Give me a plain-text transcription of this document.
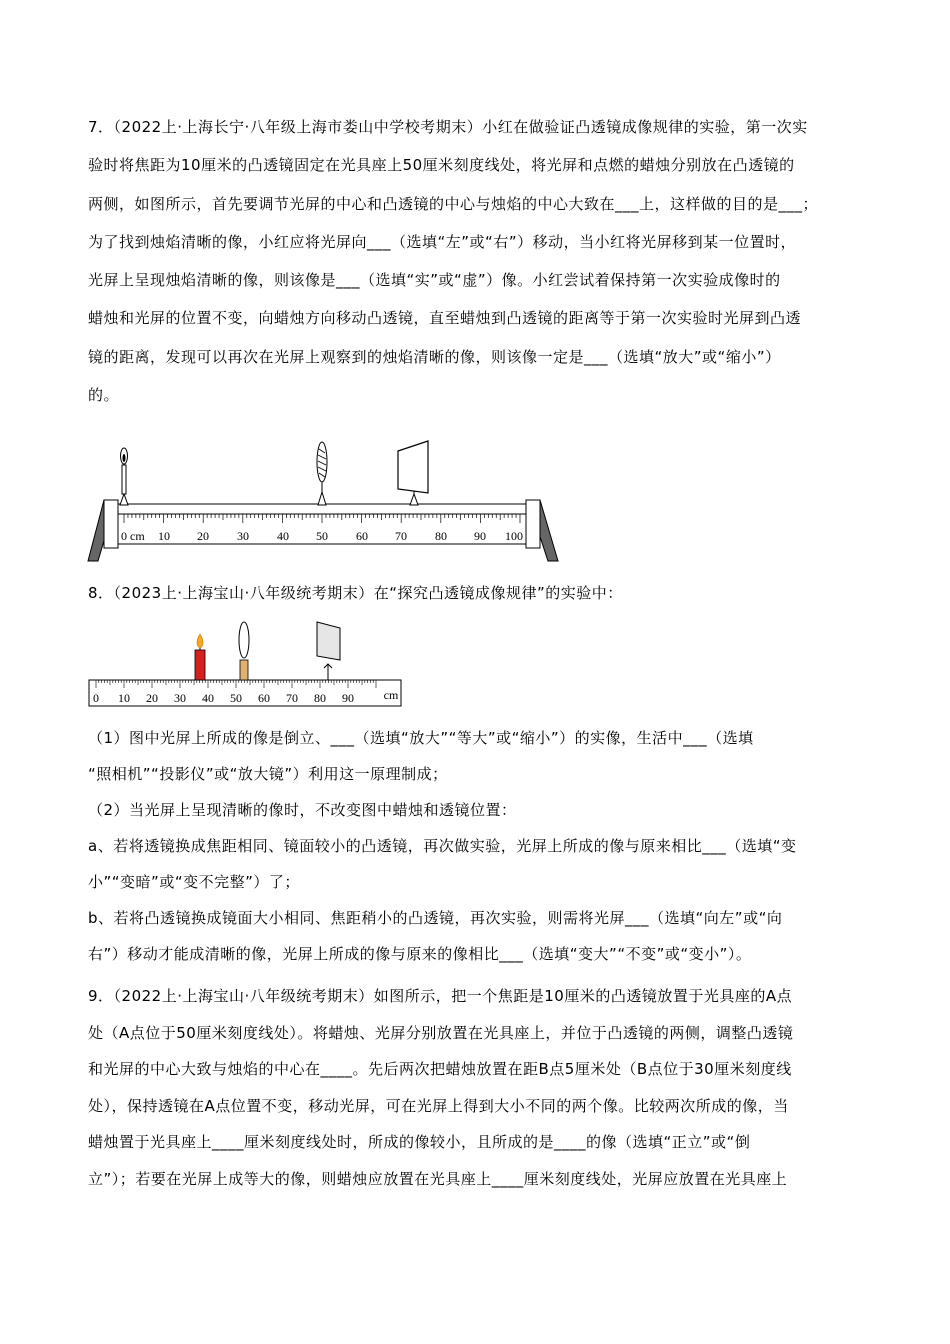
7．（2022上·上海长宁·八年级上海市娄山中学校考期末）小红在做验证凸透镜成像规律的实验，第一次实

验时将焦距为10厘米的凸透镜固定在光具座上50厘米刻度线处，将光屏和点燃的蜡烛分别放在凸透镜的

两侧，如图所示，首先要调节光屏的中心和凸透镜的中心与烛焰的中心大致在___上，这样做的目的是___；

为了找到烛焰清晰的像，小红应将光屏向___（选填“左”或“右”）移动，当小红将光屏移到某一位置时，

光屏上呈现烛焰清晰的像，则该像是___（选填“实”或“虚”）像。小红尝试着保持第一次实验成像时的

蜡烛和光屏的位置不变，向蜡烛方向移动凸透镜，直至蜡烛到凸透镜的距离等于第一次实验时光屏到凸透

镜的距离，发现可以再次在光屏上观察到的烛焰清晰的像，则该像一定是___（选填“放大”或“缩小”）

的。

0 cm 10 20 30 40 50 60 70 80 90 100

8．（2023上·上海宝山·八年级统考期末）在“探究凸透镜成像规律”的实验中：

0 10 20 30 40 50 60 70 80 90 cm

（1）图中光屏上所成的像是倒立、___（选填“放大”“等大”或“缩小”）的实像，生活中___（选填

“照相机”“投影仪”或“放大镜”）利用这一原理制成；

（2）当光屏上呈现清晰的像时，不改变图中蜡烛和透镜位置：

a、若将透镜换成焦距相同、镜面较小的凸透镜，再次做实验，光屏上所成的像与原来相比___（选填“变

小”“变暗”或“变不完整”）了；

b、若将凸透镜换成镜面大小相同、焦距稍小的凸透镜，再次实验，则需将光屏___（选填“向左”或“向

右”）移动才能成清晰的像，光屏上所成的像与原来的像相比___（选填“变大”“不变”或“变小”）。

9．（2022上·上海宝山·八年级统考期末）如图所示，把一个焦距是10厘米的凸透镜放置于光具座的A点

处（A点位于50厘米刻度线处）。将蜡烛、光屏分别放置在光具座上，并位于凸透镜的两侧，调整凸透镜

和光屏的中心大致与烛焰的中心在____。先后两次把蜡烛放置在距B点5厘米处（B点位于30厘米刻度线

处），保持透镜在A点位置不变，移动光屏，可在光屏上得到大小不同的两个像。比较两次所成的像，当

蜡烛置于光具座上____厘米刻度线处时，所成的像较小，且所成的是____的像（选填“正立”或“倒

立”）；若要在光屏上成等大的像，则蜡烛应放置在光具座上____厘米刻度线处，光屏应放置在光具座上
